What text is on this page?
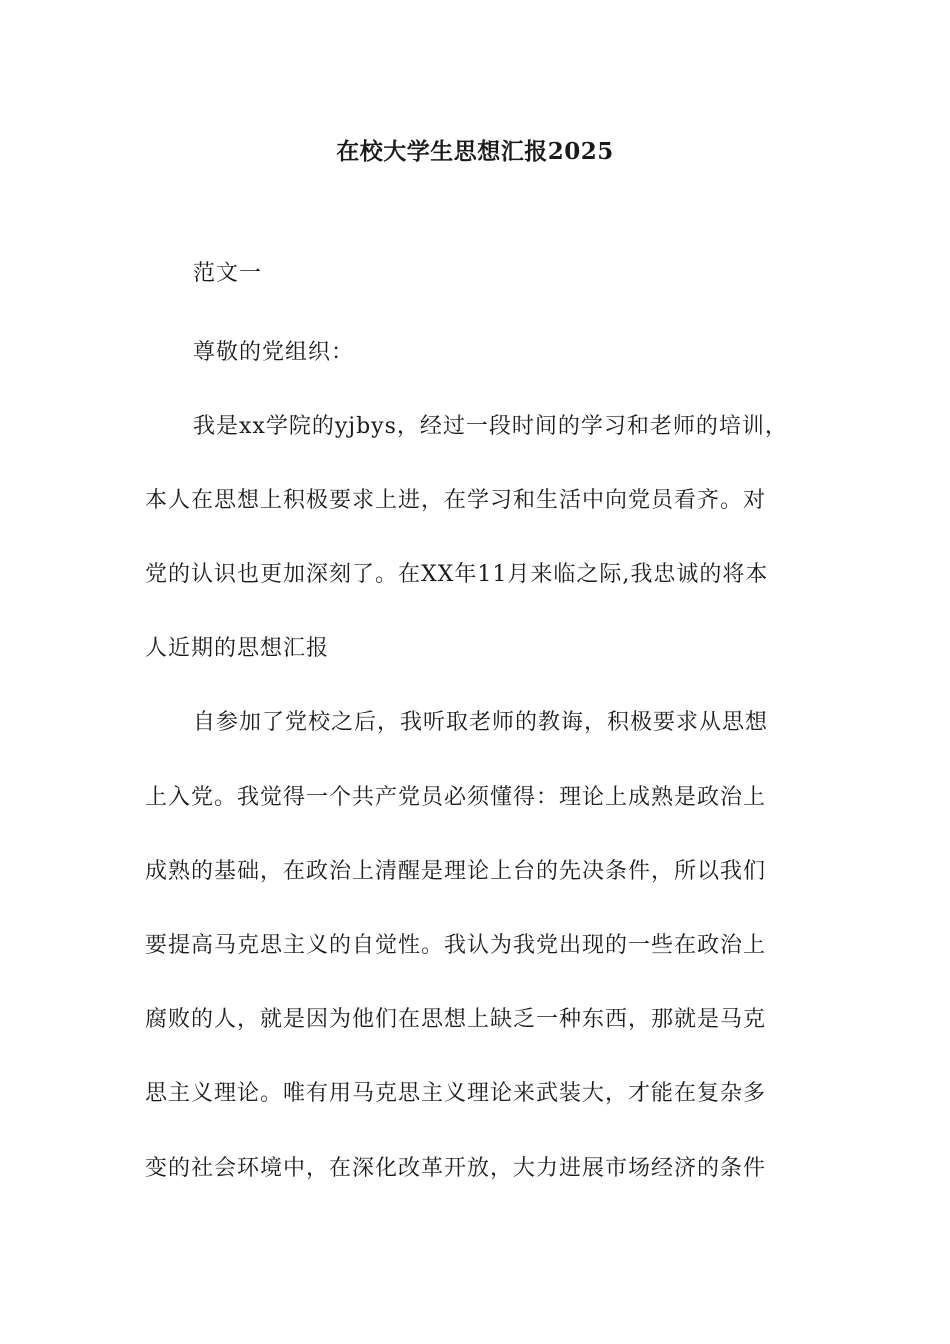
在校大学生思想汇报2025
范文一
尊敬的党组织：
我是xx学院的yjbys，经过一段时间的学习和老师的培训，
本人在思想上积极要求上进，在学习和生活中向党员看齐。对
党的认识也更加深刻了。在XX年11月来临之际,我忠诚的将本
人近期的思想汇报
自参加了党校之后，我听取老师的教诲，积极要求从思想
上入党。我觉得一个共产党员必须懂得：理论上成熟是政治上
成熟的基础，在政治上清醒是理论上台的先决条件，所以我们
要提高马克思主义的自觉性。我认为我党出现的一些在政治上
腐败的人，就是因为他们在思想上缺乏一种东西，那就是马克
思主义理论。唯有用马克思主义理论来武装大，才能在复杂多
变的社会环境中，在深化改革开放，大力进展市场经济的条件
